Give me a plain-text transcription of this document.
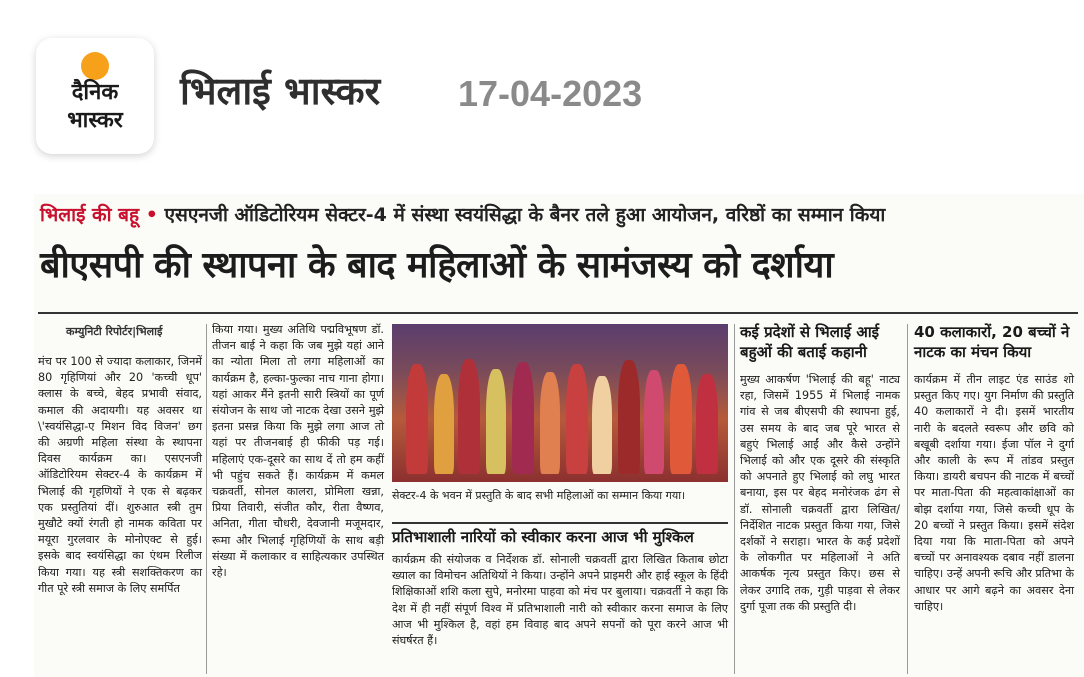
दैनिक
भास्कर
भिलाई भास्कर 17-04-2023
भिलाई की बहू • एसएनजी ऑडिटोरियम सेक्टर-4 में संस्था स्वयंसिद्धा के बैनर तले हुआ आयोजन, वरिष्ठों का सम्मान किया
बीएसपी की स्थापना के बाद महिलाओं के सामंजस्य को दर्शाया
कम्युनिटी रिपोर्टर|भिलाई
मंच पर 100 से ज्यादा कलाकार, जिनमें 80 गृहिणियां और 20 'कच्ची धूप' क्लास के बच्चे, बेहद प्रभावी संवाद, कमाल की अदायगी। यह अवसर था \'स्वयंसिद्धा-ए मिशन विद विजन' छग की अग्रणी महिला संस्था के स्थापना दिवस कार्यक्रम का। एसएनजी ऑडिटोरियम सेक्टर-4 के कार्यक्रम में भिलाई की गृहणियों ने एक से बढ़कर एक प्रस्तुतियां दीं। शुरुआत स्त्री तुम मुखौटे क्यों रंगती हो नामक कविता पर मयूरा गुरलवार के मोनोएक्ट से हुई। इसके बाद स्वयंसिद्धा का एंथम रिलीज किया गया। यह स्त्री सशक्तिकरण का गीत पूरे स्त्री समाज के लिए समर्पित
किया गया। मुख्य अतिथि पद्मविभूषण डॉ. तीजन बाई ने कहा कि जब मुझे यहां आने का न्योता मिला तो लगा महिलाओं का कार्यक्रम है, हल्का-फुल्का नाच गाना होगा। यहां आकर मैंने इतनी सारी स्त्रियों का पूर्ण संयोजन के साथ जो नाटक देखा उसने मुझे इतना प्रसन्न किया कि मुझे लगा आज तो यहां पर तीजनबाई ही फीकी पड़ गई। महिलाएं एक-दूसरे का साथ दें तो हम कहीं भी पहुंच सकते हैं। कार्यक्रम में कमल चक्रवर्ती, सोनल कालरा, प्रोमिला खन्ना, प्रिया तिवारी, संजीत कौर, रीता वैष्णव, अनिता, गीता चौधरी, देवजानी मजूमदार, रूमा और भिलाई गृहिणियों के साथ बड़ी संख्या में कलाकार व साहित्यकार उपस्थित रहे।
सेक्टर-4 के भवन में प्रस्तुति के बाद सभी महिलाओं का सम्मान किया गया।
प्रतिभाशाली नारियों को स्वीकार करना आज भी मुश्किल
कार्यक्रम की संयोजक व निर्देशक डॉ. सोनाली चक्रवर्ती द्वारा लिखित किताब छोटा ख्याल का विमोचन अतिथियों ने किया। उन्होंने अपने प्राइमरी और हाई स्कूल के हिंदी शिक्षिकाओं शशि कला सुपे, मनोरमा पाहवा को मंच पर बुलाया। चक्रवर्ती ने कहा कि देश में ही नहीं संपूर्ण विश्व में प्रतिभाशाली नारी को स्वीकार करना समाज के लिए आज भी मुश्किल है, वहां हम विवाह बाद अपने सपनों को पूरा करने आज भी संघर्षरत हैं।
कई प्रदेशों से भिलाई आई बहुओं की बताई कहानी
मुख्य आकर्षण 'भिलाई की बहू' नाट्य रहा, जिसमें 1955 में भिलाई नामक गांव से जब बीएसपी की स्थापना हुई, उस समय के बाद जब पूरे भारत से बहुएं भिलाई आईं और कैसे उन्होंने भिलाई को और एक दूसरे की संस्कृति को अपनाते हुए भिलाई को लघु भारत बनाया, इस पर बेहद मनोरंजक ढंग से डॉ. सोनाली चक्रवर्ती द्वारा लिखित/निर्देशित नाटक प्रस्तुत किया गया, जिसे दर्शकों ने सराहा। भारत के कई प्रदेशों के लोकगीत पर महिलाओं ने अति आकर्षक नृत्य प्रस्तुत किए। छस से लेकर उगादि तक, गुड़ी पाड़वा से लेकर दुर्गा पूजा तक की प्रस्तुति दी।
40 कलाकारों, 20 बच्चों ने नाटक का मंचन किया
कार्यक्रम में तीन लाइट एंड साउंड शो प्रस्तुत किए गए। युग निर्माण की प्रस्तुति 40 कलाकारों ने दी। इसमें भारतीय नारी के बदलते स्वरूप और छवि को बखूबी दर्शाया गया। ईजा पॉल ने दुर्गा और काली के रूप में तांडव प्रस्तुत किया। डायरी बचपन की नाटक में बच्चों पर माता-पिता की महत्वाकांक्षाओं का बोझ दर्शाया गया, जिसे कच्ची धूप के 20 बच्चों ने प्रस्तुत किया। इसमें संदेश दिया गया कि माता-पिता को अपने बच्चों पर अनावश्यक दबाव नहीं डालना चाहिए। उन्हें अपनी रूचि और प्रतिभा के आधार पर आगे बढ़ने का अवसर देना चाहिए।
